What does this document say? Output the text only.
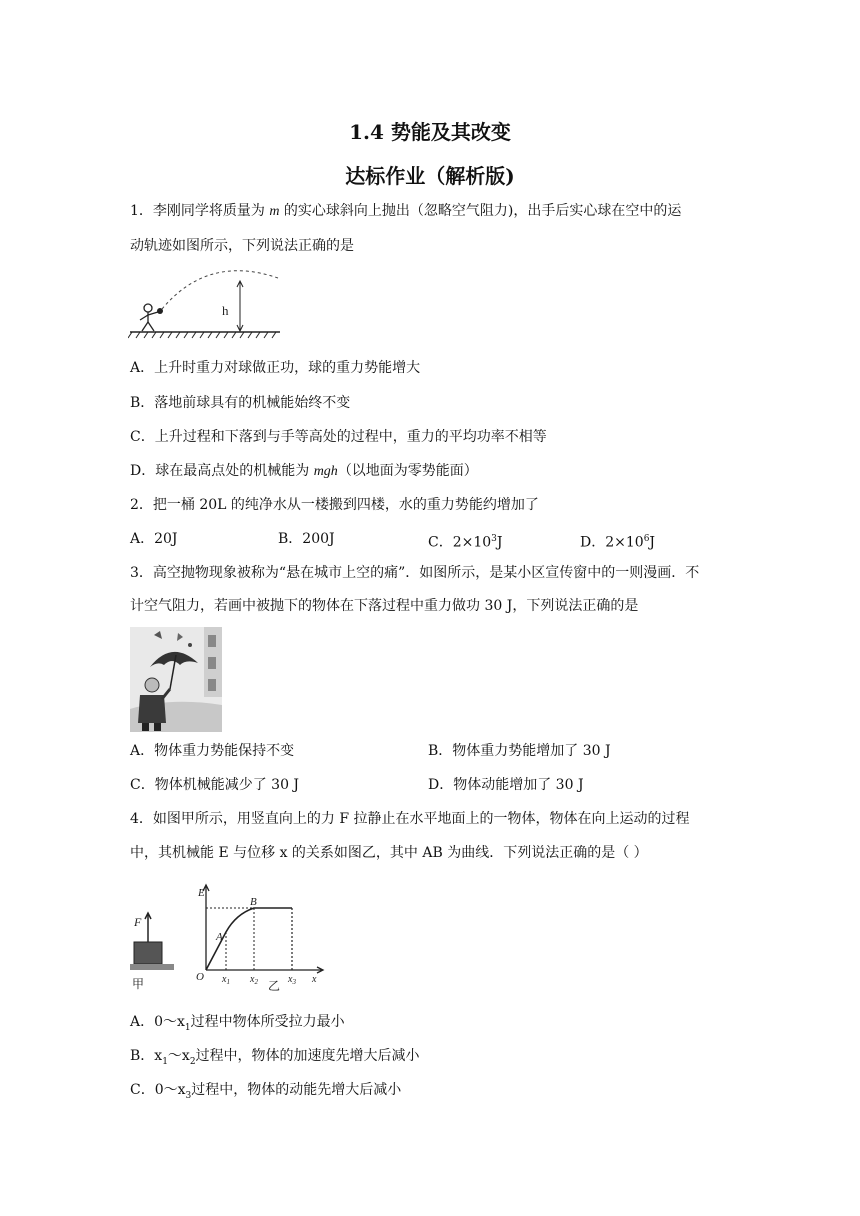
1.4 势能及其改变
达标作业（解析版)
1．李刚同学将质量为 m 的实心球斜向上抛出（忽略空气阻力)，出手后实心球在空中的运
动轨迹如图所示，下列说法正确的是
h
A．上升时重力对球做正功，球的重力势能增大
B．落地前球具有的机械能始终不变
C．上升过程和下落到与手等高处的过程中，重力的平均功率不相等
D．球在最高点处的机械能为 mgh（以地面为零势能面）
2．把一桶 20L 的纯净水从一楼搬到四楼，水的重力势能约增加了
A．20J	B．200J	C．$2\times 10^3J$	D．$2\times 10^6J$
3．高空抛物现象被称为“悬在城市上空的痛”．如图所示，是某小区宣传窗中的一则漫画．不
计空气阻力，若画中被抛下的物体在下落过程中重力做功 30 J，下列说法正确的是
A．物体重力势能保持不变	B．物体重力势能增加了 30 J
C．物体机械能减少了 30 J	D．物体动能增加了 30 J
4．如图甲所示，用竖直向上的力 F 拉静止在水平地面上的一物体，物体在向上运动的过程
中，其机械能 E 与位移 x 的关系如图乙，其中 AB 为曲线．下列说法正确的是（ ）
F
甲
E
O
A
B
$x_1$ $x_2$	$x_3$ x
乙
A．$0\sim x_1$过程中物体所受拉力最小
B．$x_1\sim x_2$过程中，物体的加速度先增大后减小
C．$0\sim x_3$过程中，物体的动能先增大后减小
